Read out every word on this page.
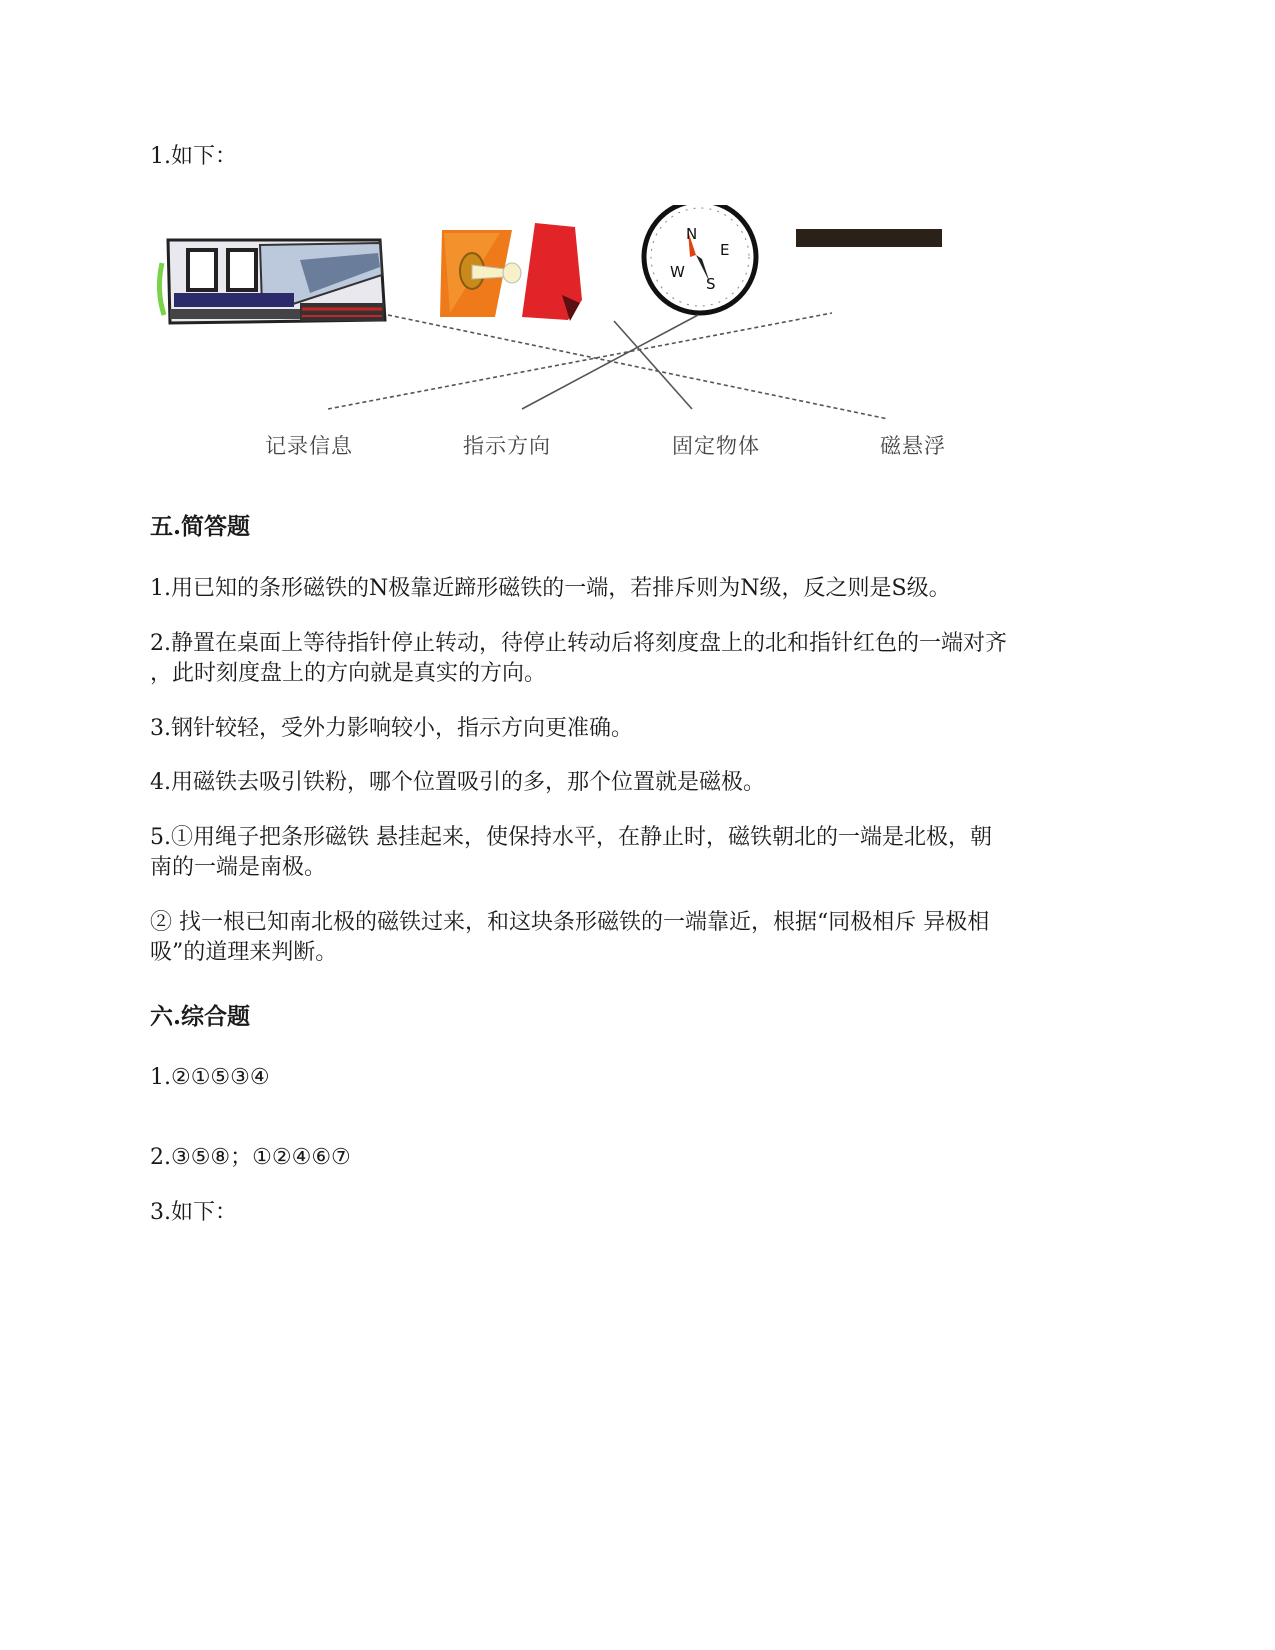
1.如下：
N
E
S
W
记录信息	指示方向	固定物体	磁悬浮
五.简答题
1.用已知的条形磁铁的N极靠近蹄形磁铁的一端，若排斥则为N级，反之则是S级。
2.静置在桌面上等待指针停止转动，待停止转动后将刻度盘上的北和指针红色的一端对齐
，此时刻度盘上的方向就是真实的方向。
3.钢针较轻，受外力影响较小，指示方向更准确。
4.用磁铁去吸引铁粉，哪个位置吸引的多，那个位置就是磁极。
5.①用绳子把条形磁铁 悬挂起来，使保持水平，在静止时，磁铁朝北的一端是北极，朝
南的一端是南极。
② 找一根已知南北极的磁铁过来，和这块条形磁铁的一端靠近，根据“同极相斥 异极相
吸”的道理来判断。
六.综合题
1.②①⑤③④
2.③⑤⑧；①②④⑥⑦
3.如下：
